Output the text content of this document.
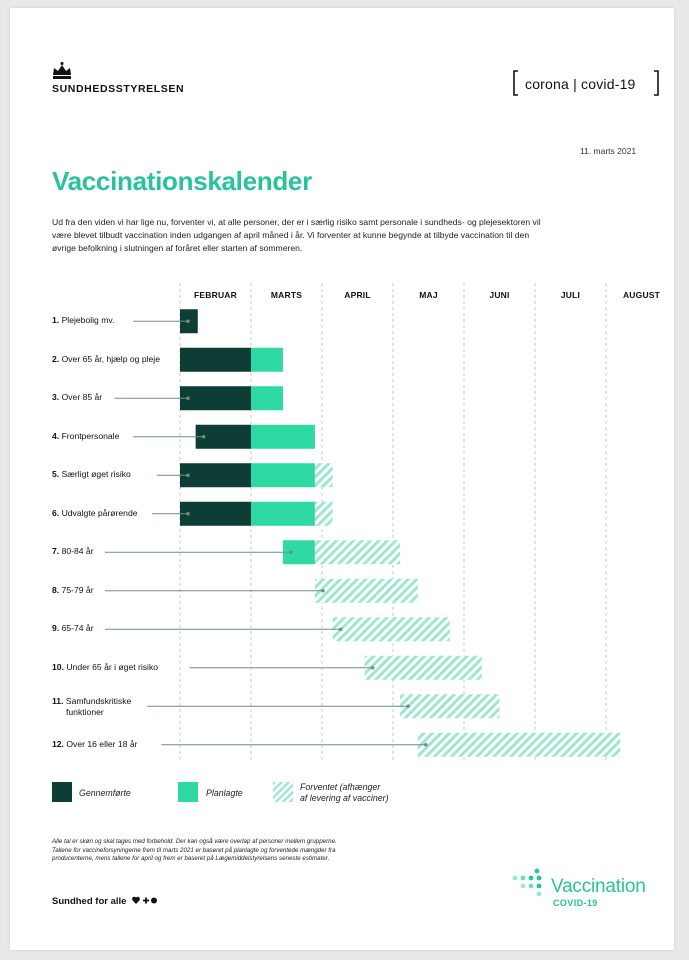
SUNDHEDSSTYRELSEN	corona | covid-19
11. marts 2021
Vaccinationskalender
Ud fra den viden vi har lige nu, forventer vi, at alle personer, der er i særlig risiko samt personale i sundheds- og plejesektoren vil være blevet tilbudt vaccination inden udgangen af april måned i år. Vi forventer at kunne begynde at tilbyde vaccination til den øvrige befolkning i slutningen af foråret eller starten af sommeren.
FEBRUAR	MARTS	APRIL	MAJ	JUNI	JULI	AUGUST
1. Plejebolig mv.
2. Over 65 år, hjælp og pleje
3. Over 85 år
4. Frontpersonale
5. Særligt øget risiko
6. Udvalgte pårørende
7. 80-84 år
8. 75-79 år
9. 65-74 år
10. Under 65 år i øget risiko
11. Samfundskritiske
funktioner
12. Over 16 eller 18 år
Gennemførte	Planlagte
Forventet (afhænger
af levering af vacciner)
Alle tal er skøn og skal tages med forbehold. Der kan også være overlap af personer mellem grupperne.
Tallene for vaccineforsyningerne frem til marts 2021 er baseret på planlagte og forventede mængder fra
producenterne, mens tallene for april og frem er baseret på Lægemiddelstyrelsens seneste estimater.
Sundhed for alle
Vaccination
COVID-19
